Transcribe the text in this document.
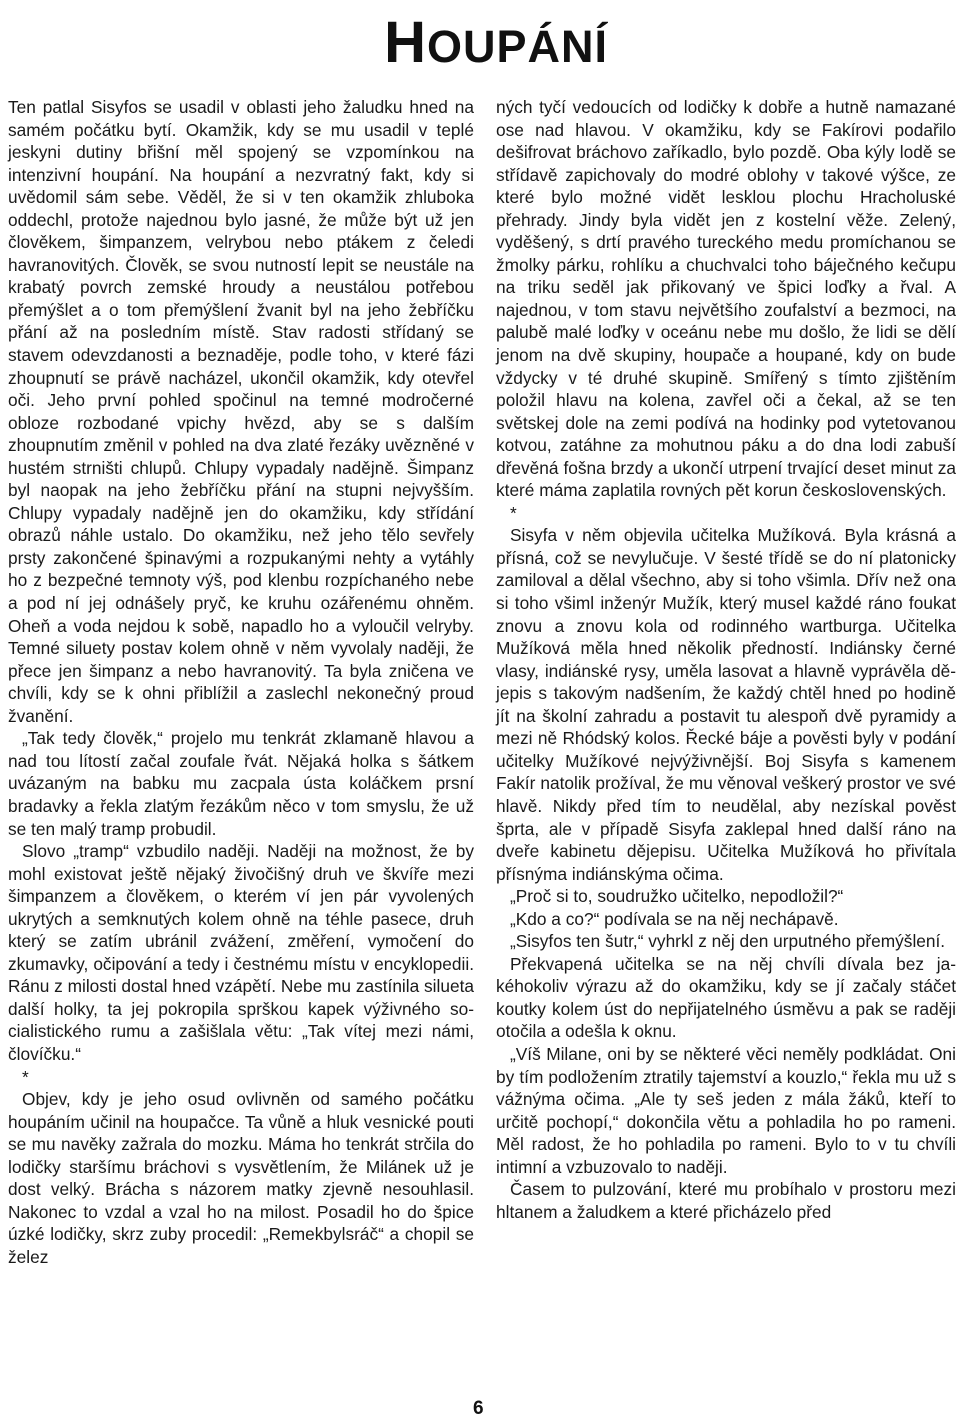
HOUPÁNÍ

Ten patlal Sisyfos se usadil v oblasti jeho žaludku hned na samém počátku bytí. Okamžik, kdy se mu usadil v teplé jeskyni dutiny břišní měl spojený se vzpomínkou na intenzivní houpání. Na houpání a nezvratný fakt, kdy si uvědomil sám sebe. Věděl, že si v ten okamžik zhluboka oddechl, protože najednou bylo jasné, že může být už jen člověkem, šimpanzem, velrybou nebo ptákem z čeledi havranovitých. Člověk, se svou nutností lepit se neustále na krabatý povrch zemské hroudy a neustálou potřebou přemýšlet a o tom přemýšlení žvanit byl na jeho žebříčku přání až na posledním místě. Stav radosti střídaný se stavem odevzdanosti a beznaděje, podle toho, v které fázi zhoupnutí se právě nacházel, ukončil okamžik, kdy otevřel oči. Jeho první pohled spočinul na temné modročerné obloze rozbodané vpichy hvězd, aby se s dalším zhoupnutím změnil v pohled na dva zlaté řezáky uvězněné v hustém strništi chlupů. Chlupy vypadaly nadějně. Šimpanz byl naopak na jeho žebříčku přání na stupni nejvyšším. Chlupy vypadaly nadějně jen do okamžiku, kdy střídání obrazů náhle ustalo. Do okamžiku, než jeho tělo sevřely prsty zakončené špinavými a rozpukanými nehty a vytáhly ho z bezpečné temnoty výš, pod klenbu rozpíchaného nebe a pod ní jej odnášely pryč, ke kruhu ozářenému ohněm. Oheň a voda nejdou k sobě, napadlo ho a vyloučil velryby. Temné siluety postav kolem ohně v něm vyvolaly naději, že přece jen šimpanz a nebo havranovitý. Ta byla zničena ve chvíli, kdy se k ohni přiblížil a zaslechl nekonečný proud žvanění.

„Tak tedy člověk,“ projelo mu tenkrát zklamaně hlavou a nad tou lítostí začal zoufale řvát. Nějaká holka s šátkem uvázaným na babku mu zacpala ústa koláčkem prsní bradavky a řekla zlatým řezákům něco v tom smyslu, že už se ten malý tramp probudil.

Slovo „tramp“ vzbudilo naději. Naději na možnost, že by mohl existovat ještě nějaký živočišný druh ve škvíře mezi šimpanzem a člověkem, o kterém ví jen pár vyvolených ukrytých a semknutých kolem ohně na téhle pasece, druh který se zatím ubránil zvážení, změření, vymočení do zkumavky, očipování a tedy i čestnému místu v encyklopedii. Ránu z milosti dostal hned vzápětí. Nebe mu zastínila silueta další holky, ta jej pokropila sprškou kapek výživného socialistického rumu a zašišlala větu: „Tak vítej mezi námi, človíčku.“

*

Objev, kdy je jeho osud ovlivněn od samého počátku houpáním učinil na houpačce. Ta vůně a hluk vesnické pouti se mu navěky zažrala do mozku. Máma ho tenkrát strčila do lodičky staršímu bráchovi s vysvětlením, že Milánek už je dost velký. Brácha s názorem matky zjevně nesouhlasil. Nakonec to vzdal a vzal ho na milost. Posadil ho do špice úzké lodičky, skrz zuby procedil: „Remekbylsráč“ a chopil se želez

ných tyčí vedoucích od lodičky k dobře a hutně namazané ose nad hlavou. V okamžiku, kdy se Fakírovi podařilo dešifrovat bráchovo zaříkadlo, bylo pozdě. Oba kýly lodě se střídavě zapichovaly do modré oblohy v takové výšce, ze které bylo možné vidět lesklou plochu Hracholuské přehrady. Jindy byla vidět jen z kostelní věže. Zelený, vyděšený, s drtí pravého tureckého medu promíchanou se žmolky párku, rohlíku a chuchvalci toho báječného kečupu na triku seděl jak přikovaný ve špici loďky a řval. A najednou, v tom stavu největšího zoufalství a bezmoci, na palubě malé loďky v oceánu nebe mu došlo, že lidi se dělí jenom na dvě skupiny, houpače a houpané, kdy on bude vždycky v té druhé skupině. Smířený s tímto zjištěním položil hlavu na kolena, zavřel oči a čekal, až se ten světskej dole na zemi podívá na hodinky pod vytetovanou kotvou, zatáhne za mohutnou páku a do dna lodi zabuší dřevěná fošna brzdy a ukončí utrpení trvající deset minut za které máma zaplatila rovných pět korun československých.

*

Sisyfa v něm objevila učitelka Mužíková. Byla krásná a přísná, což se nevylučuje. V šesté třídě se do ní platonicky zamiloval a dělal všechno, aby si toho všimla. Dřív než ona si toho všiml inženýr Mužík, který musel každé ráno foukat znovu a znovu kola od rodinného wartburga. Učitelka Mužíková měla hned několik předností. Indiánsky černé vlasy, indiánské rysy, uměla lasovat a hlavně vyprávěla dějepis s takovým nadšením, že každý chtěl hned po hodině jít na školní zahradu a postavit tu alespoň dvě pyramidy a mezi ně Rhódský kolos. Řecké báje a pověsti byly v podání učitelky Mužíkové nejvýživnější. Boj Sisyfa s kamenem Fakír natolik prožíval, že mu věnoval veškerý prostor ve své hlavě. Nikdy před tím to neudělal, aby nezískal pověst šprta, ale v případě Sisyfa zaklepal hned další ráno na dveře kabinetu dějepisu. Učitelka Mužíková ho přivítala přísnýma indiánskýma očima.

„Proč si to, soudružko učitelko, nepodložil?“

„Kdo a co?“ podívala se na něj nechápavě.

„Sisyfos ten šutr,“ vyhrkl z něj den urputného přemýšlení.

Překvapená učitelka se na něj chvíli dívala bez jakéhokoliv výrazu až do okamžiku, kdy se jí začaly stáčet koutky kolem úst do nepřijatelného úsměvu a pak se raději otočila a odešla k oknu.

„Víš Milane, oni by se některé věci neměly podkládat. Oni by tím podložením ztratily tajemství a kouzlo,“ řekla mu už s vážnýma očima. „Ale ty seš jeden z mála žáků, kteří to určitě pochopí,“ dokončila větu a pohladila ho po rameni. Měl radost, že ho pohladila po rameni. Bylo to v tu chvíli intimní a vzbuzovalo to naději.

Časem to pulzování, které mu probíhalo v prostoru mezi hltanem a žaludkem a které přicházelo před

6
